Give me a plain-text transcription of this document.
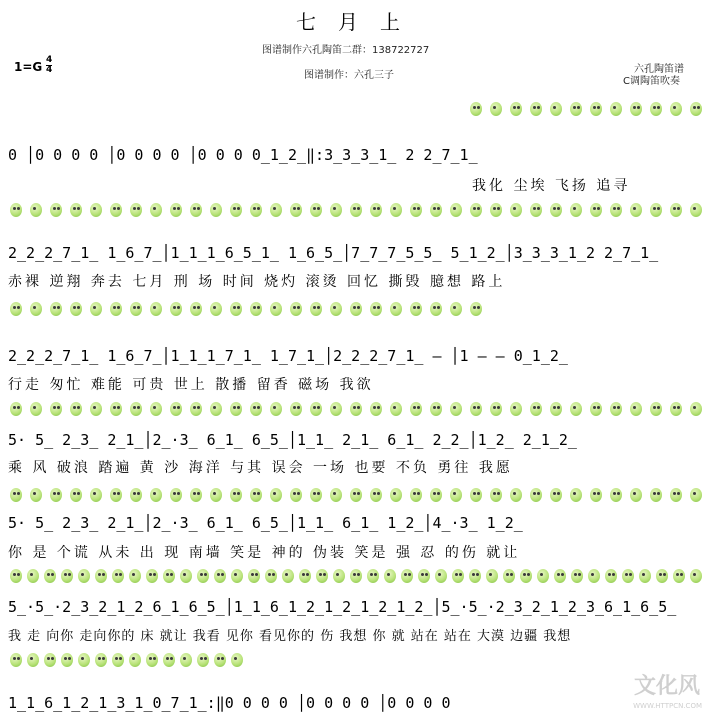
七月上
图谱制作六孔陶笛二群：138722727
图谱制作：六孔三子
六孔陶笛谱
C调陶笛吹奏
$1=G \frac{4}{4}$
0 │0 0 0 0 │0 0 0 0 │0 0 0 0̲1̲2̲‖:3̲3̲3̲1̲ 2 2̲7̲1̲
我化 尘埃 飞扬 追寻
2̲2̲2̲7̲1̲ 1̲6̲7̲│1̲1̲1̲6̲5̲1̲ 1̲6̲5̲│7̲7̲7̲5̲5̲ 5̲1̲2̲│3̲3̲3̲1̲2 2̲7̲1̲
赤裸 逆翔 奔去 七月 刑 场 时间 烧灼 滚烫 回忆 撕毁 臆想 路上
2̲2̲2̲7̲1̲ 1̲6̲7̲│1̲1̲1̲7̲1̲ 1̲7̲1̲│2̲2̲2̲7̲1̲ — │1 — — 0̲1̲2̲
行走 匆忙 难能 可贵 世上 散播 留香 磁场 我欲
5· 5̲ 2̲3̲ 2̲1̲│2̲·3̲ 6̲1̲ 6̲5̲│1̲1̲ 2̲1̲ 6̲1̲ 2̲2̲│1̲2̲ 2̲1̲2̲
乘 风 破浪 踏遍 黄 沙 海洋 与其 误会 一场 也要 不负 勇往 我愿
5· 5̲ 2̲3̲ 2̲1̲│2̲·3̲ 6̲1̲ 6̲5̲│1̲1̲ 6̲1̲ 1̲2̲│4̲·3̲ 1̲2̲
你 是 个谎 从未 出 现 南墙 笑是 神的 伪装 笑是 强 忍 的伤 就让
5̲·5̲·2̲3̲2̲1̲2̲6̲1̲6̲5̲│1̲1̲6̲1̲2̲1̲2̲1̲2̲1̲2̲│5̲·5̲·2̲3̲2̲1̲2̲3̲6̲1̲6̲5̲
我 走 向你 走向你的 床 就让 我看 见你 看见你的 伤 我想 你 就 站在 站在 大漠 边疆 我想
1̲1̲6̲1̲2̲1̲3̲1̲0̲7̲1̲:‖0 0 0 0 │0 0 0 0 │0 0 0 0
文化风
WWW.HTTPCN.COM
